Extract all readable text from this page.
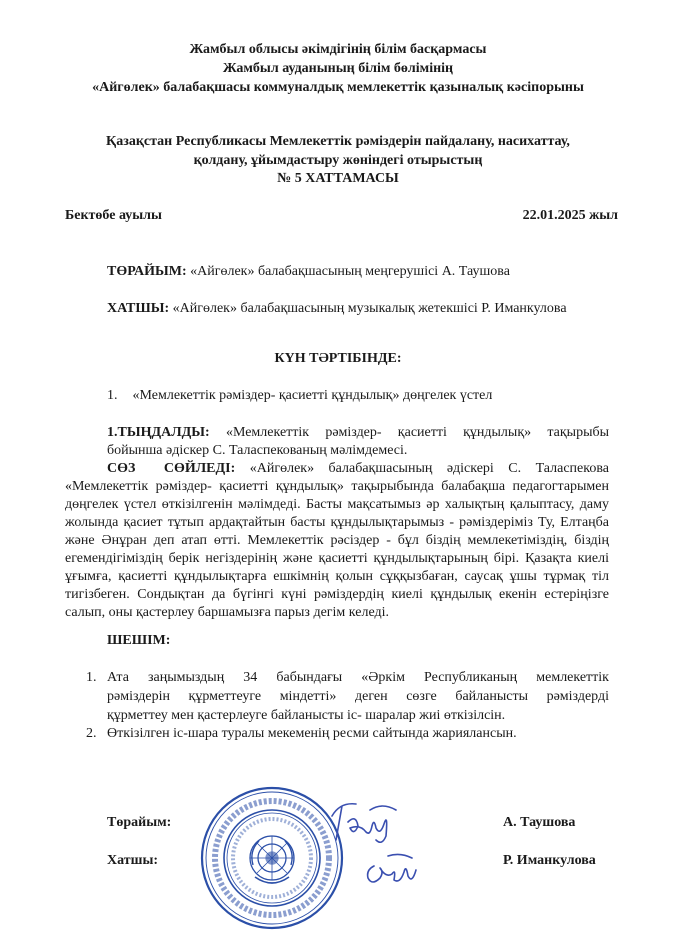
Жамбыл облысы әкімдігінің білім басқармасы
Жамбыл ауданының білім бөлімінің
«Айгөлек» балабақшасы коммуналдық мемлекеттік қазыналық кәсіпорыны
Қазақстан Республикасы Мемлекеттік рәміздерін пайдалану, насихаттау,
қолдану, ұйымдастыру жөніндегі отырыстың
№ 5 ХАТТАМАСЫ
Бектөбе ауылы	22.01.2025 жыл
ТӨРАЙЫМ: «Айгөлек» балабақшасының меңгерушісі А. Таушова
ХАТШЫ: «Айгөлек» балабақшасының музыкалық жетекшісі Р. Иманкулова
КҮН ТӘРТІБІНДЕ:
1. «Мемлекеттік рәміздер- қасиетті құндылық» дөңгелек үстел
1.ТЫҢДАЛДЫ: «Мемлекеттік рәміздер- қасиетті құндылық» тақырыбы
бойынша әдіскер С. Таласпекованың мәлімдемесі.
СӨЗ СӨЙЛЕДІ: «Айгөлек» балабақшасының әдіскері С. Таласпекова
«Мемлекеттік рәміздер- қасиетті құндылық» тақырыбында балабақша педагогтарымен
дөңгелек үстел өткізілгенін мәлімдеді. Басты мақсатымыз әр халықтың қалыптасу, даму
жолында қасиет тұтып ардақтайтын басты құндылықтарымыз - рәміздеріміз Ту, Елтаңба
және Әнұран деп атап өтті. Мемлекеттік рәсіздер - бұл біздің мемлекетіміздің, біздің
егемендігіміздің берік негіздерінің және қасиетті құндылықтарының бірі. Қазақта киелі
ұғымға, қасиетті құндылықтарға ешкімнің қолын сұққызбаған, саусақ ұшы тұрмақ тіл
тигізбеген. Сондықтан да бүгінгі күні рәміздердің киелі құндылық екенін естеріңізге
салып, оны қастерлеу баршамызға парыз дегім келеді.
ШЕШІМ:
1. Ата заңымыздың 34 бабындағы «Әркім Республиканың мемлекеттік
рәміздерін құрметтеуге міндетті» деген сөзге байланысты рәміздерді
құрметтеу мен қастерлеуге байланысты іс- шаралар жиі өткізілсін.
2. Өткізілген іс-шара туралы мекеменің ресми сайтында жариялансын.
Төрайым:	А. Таушова
Хатшы:	Р. Иманкулова
